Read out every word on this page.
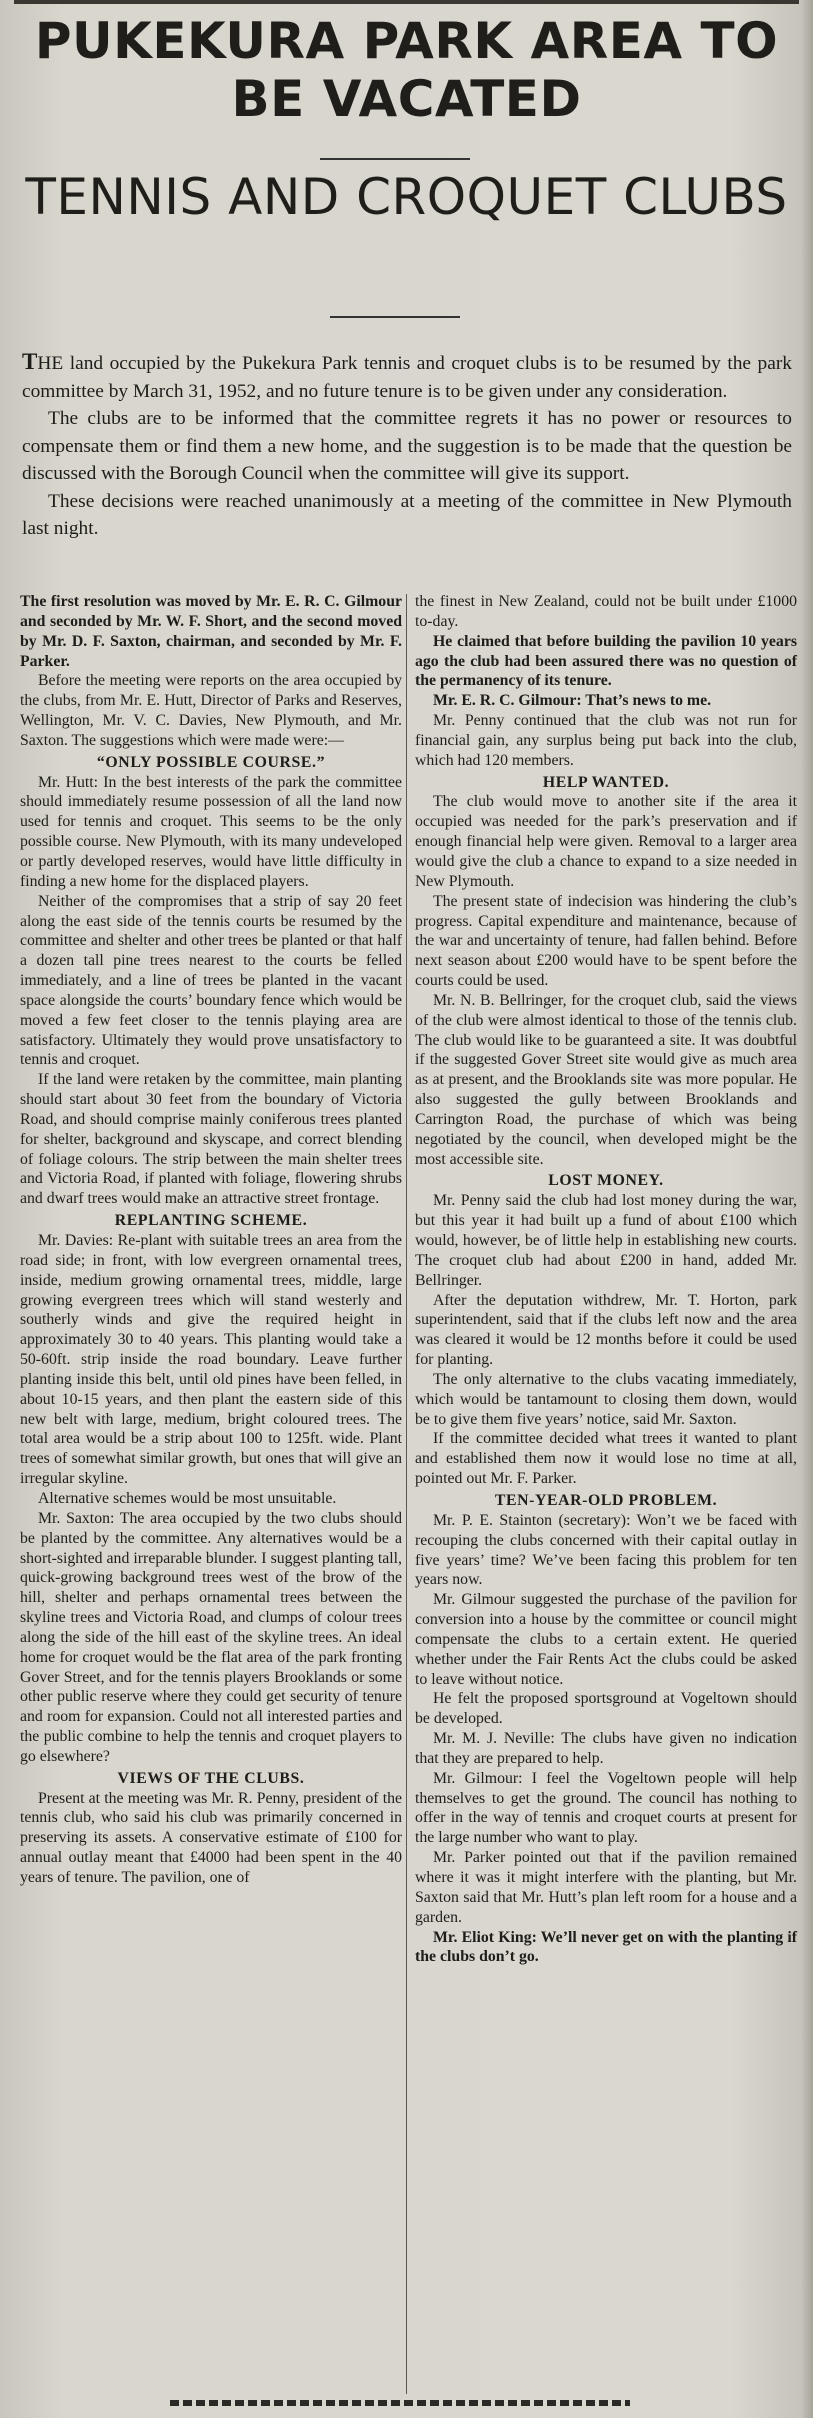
PUKEKURA PARK AREA TO BE VACATED
TENNIS AND CROQUET CLUBS

THE land occupied by the Pukekura Park tennis and croquet clubs is to be resumed by the park committee by March 31, 1952, and no future tenure is to be given under any consideration.

The clubs are to be informed that the committee regrets it has no power or resources to compensate them or find them a new home, and the suggestion is to be made that the question be discussed with the Borough Council when the committee will give its support.

These decisions were reached unanimously at a meeting of the committee in New Plymouth last night.

The first resolution was moved by Mr. E. R. C. Gilmour and seconded by Mr. W. F. Short, and the second moved by Mr. D. F. Saxton, chairman, and seconded by Mr. F. Parker.

Before the meeting were reports on the area occupied by the clubs, from Mr. E. Hutt, Director of Parks and Reserves, Wellington, Mr. V. C. Davies, New Plymouth, and Mr. Saxton. The suggestions which were made were:—

“ONLY POSSIBLE COURSE.”

Mr. Hutt: In the best interests of the park the committee should immediately resume possession of all the land now used for tennis and croquet. This seems to be the only possible course. New Plymouth, with its many undeveloped or partly developed reserves, would have little difficulty in finding a new home for the displaced players.

Neither of the compromises that a strip of say 20 feet along the east side of the tennis courts be resumed by the committee and shelter and other trees be planted or that half a dozen tall pine trees nearest to the courts be felled immediately, and a line of trees be planted in the vacant space alongside the courts’ boundary fence which would be moved a few feet closer to the tennis playing area are satisfactory. Ultimately they would prove unsatisfactory to tennis and croquet.

If the land were retaken by the committee, main planting should start about 30 feet from the boundary of Victoria Road, and should comprise mainly coniferous trees planted for shelter, background and skyscape, and correct blending of foliage colours. The strip between the main shelter trees and Victoria Road, if planted with foliage, flowering shrubs and dwarf trees would make an attractive street frontage.

REPLANTING SCHEME.

Mr. Davies: Re-plant with suitable trees an area from the road side; in front, with low evergreen ornamental trees, inside, medium growing ornamental trees, middle, large growing evergreen trees which will stand westerly and southerly winds and give the required height in approximately 30 to 40 years. This planting would take a 50-60ft. strip inside the road boundary. Leave further planting inside this belt, until old pines have been felled, in about 10-15 years, and then plant the eastern side of this new belt with large, medium, bright coloured trees. The total area would be a strip about 100 to 125ft. wide. Plant trees of somewhat similar growth, but ones that will give an irregular skyline.

Alternative schemes would be most unsuitable.

Mr. Saxton: The area occupied by the two clubs should be planted by the committee. Any alternatives would be a short-sighted and irreparable blunder. I suggest planting tall, quick-growing background trees west of the brow of the hill, shelter and perhaps ornamental trees between the skyline trees and Victoria Road, and clumps of colour trees along the side of the hill east of the skyline trees. An ideal home for croquet would be the flat area of the park fronting Gover Street, and for the tennis players Brooklands or some other public reserve where they could get security of tenure and room for expansion. Could not all interested parties and the public combine to help the tennis and croquet players to go elsewhere?

VIEWS OF THE CLUBS.

Present at the meeting was Mr. R. Penny, president of the tennis club, who said his club was primarily concerned in preserving its assets. A conservative estimate of £100 for annual outlay meant that £4000 had been spent in the 40 years of tenure. The pavilion, one of

the finest in New Zealand, could not be built under £1000 to-day.

He claimed that before building the pavilion 10 years ago the club had been assured there was no question of the permanency of its tenure.

Mr. E. R. C. Gilmour: That’s news to me.

Mr. Penny continued that the club was not run for financial gain, any surplus being put back into the club, which had 120 members.

HELP WANTED.

The club would move to another site if the area it occupied was needed for the park’s preservation and if enough financial help were given. Removal to a larger area would give the club a chance to expand to a size needed in New Plymouth.

The present state of indecision was hindering the club’s progress. Capital expenditure and maintenance, because of the war and uncertainty of tenure, had fallen behind. Before next season about £200 would have to be spent before the courts could be used.

Mr. N. B. Bellringer, for the croquet club, said the views of the club were almost identical to those of the tennis club. The club would like to be guaranteed a site. It was doubtful if the suggested Gover Street site would give as much area as at present, and the Brooklands site was more popular. He also suggested the gully between Brooklands and Carrington Road, the purchase of which was being negotiated by the council, when developed might be the most accessible site.

LOST MONEY.

Mr. Penny said the club had lost money during the war, but this year it had built up a fund of about £100 which would, however, be of little help in establishing new courts. The croquet club had about £200 in hand, added Mr. Bellringer.

After the deputation withdrew, Mr. T. Horton, park superintendent, said that if the clubs left now and the area was cleared it would be 12 months before it could be used for planting.

The only alternative to the clubs vacating immediately, which would be tantamount to closing them down, would be to give them five years’ notice, said Mr. Saxton.

If the committee decided what trees it wanted to plant and established them now it would lose no time at all, pointed out Mr. F. Parker.

TEN-YEAR-OLD PROBLEM.

Mr. P. E. Stainton (secretary): Won’t we be faced with recouping the clubs concerned with their capital outlay in five years’ time? We’ve been facing this problem for ten years now.

Mr. Gilmour suggested the purchase of the pavilion for conversion into a house by the committee or council might compensate the clubs to a certain extent. He queried whether under the Fair Rents Act the clubs could be asked to leave without notice.

He felt the proposed sportsground at Vogeltown should be developed.

Mr. M. J. Neville: The clubs have given no indication that they are prepared to help.

Mr. Gilmour: I feel the Vogeltown people will help themselves to get the ground. The council has nothing to offer in the way of tennis and croquet courts at present for the large number who want to play.

Mr. Parker pointed out that if the pavilion remained where it was it might interfere with the planting, but Mr. Saxton said that Mr. Hutt’s plan left room for a house and a garden.

Mr. Eliot King: We’ll never get on with the planting if the clubs don’t go.
